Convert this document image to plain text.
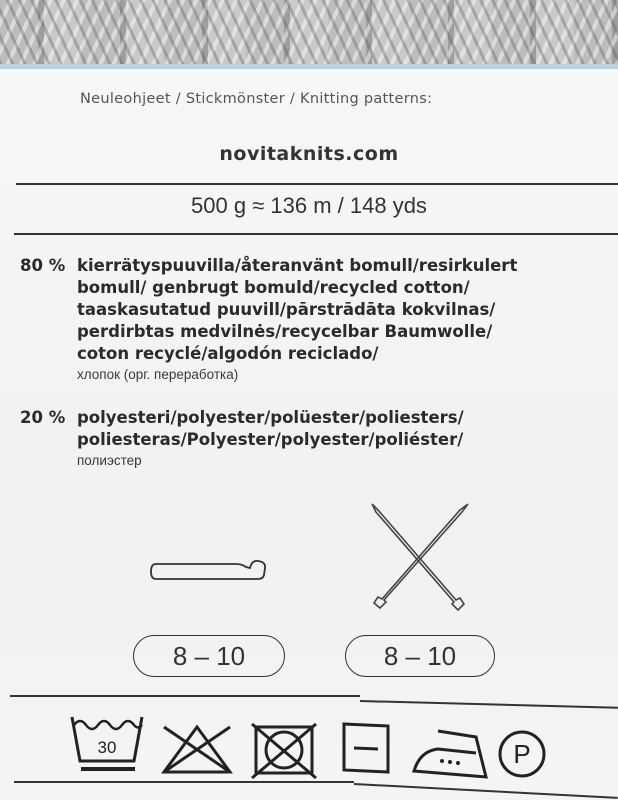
Neuleohjeet / Stickmönster / Knitting patterns:
novitaknits.com
500 g ≈ 136 m / 148 yds
80 % kierrätyspuuvilla/återanvänt bomull/resirkulert
bomull/ genbrugt bomuld/recycled cotton/
taaskasutatud puuvill/pārstrādāta kokvilnas/
perdirbtas medvilnės/recycelbar Baumwolle/
coton recyclé/algodón reciclado/
хлопок (орг. переработка)
20 % polyesteri/polyester/polüester/poliesters/
poliesteras/Polyester/polyester/poliéster/
полиэстер
8 – 10	8 – 10
30	P
